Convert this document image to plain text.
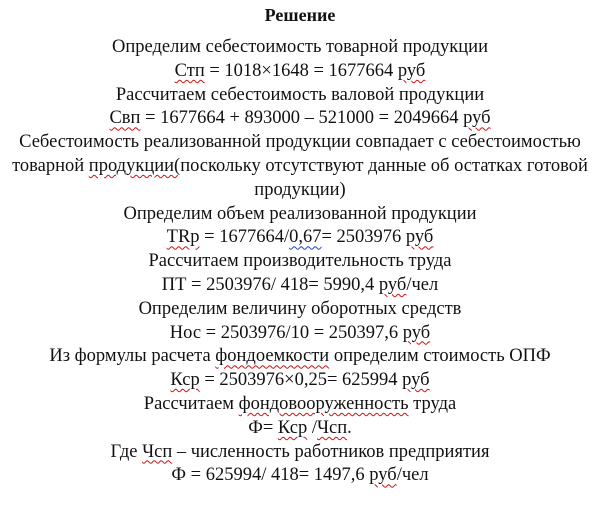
Решение
Определим себестоимость товарной продукции
Стп = 1018×1648 = 1677664 руб
Рассчитаем себестоимость валовой продукции
Свп = 1677664 + 893000 – 521000 = 2049664 руб
Себестоимость реализованной продукции совпадает с себестоимостью
товарной продукции(поскольку отсутствуют данные об остатках готовой
продукции)
Определим объем реализованной продукции
TRр = 1677664/0,67= 2503976 руб
Рассчитаем производительность труда
ПТ = 2503976/ 418= 5990,4 руб/чел
Определим величину оборотных средств
Нос = 2503976/10 = 250397,6 руб
Из формулы расчета фондоемкости определим стоимость ОПФ
Кср = 2503976×0,25= 625994 руб
Рассчитаем фондовооруженность труда
Ф= Кср /Чсп.
Где Чсп – численность работников предприятия
Ф = 625994/ 418= 1497,6 руб/чел
